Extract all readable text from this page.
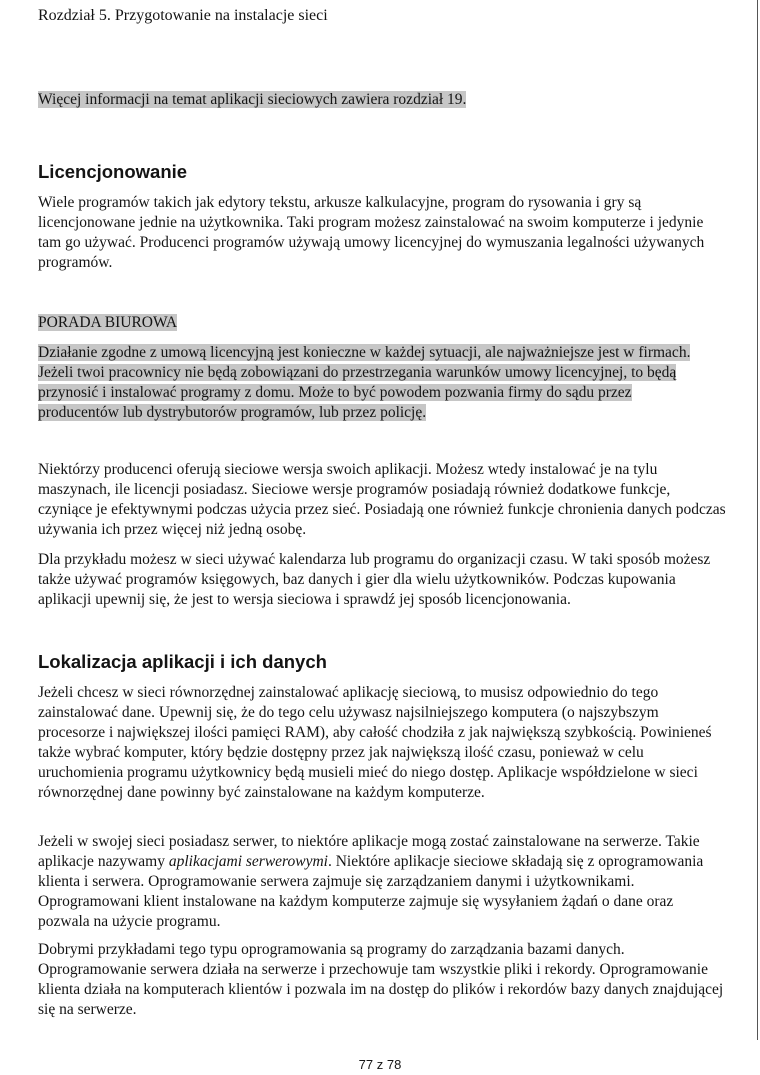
Rozdział 5. Przygotowanie na instalacje sieci

Więcej informacji na temat aplikacji sieciowych zawiera rozdział 19.

Licencjonowanie

Wiele programów takich jak edytory tekstu, arkusze kalkulacyjne, program do rysowania i gry są licencjonowane jednie na użytkownika. Taki program możesz zainstalować na swoim komputerze i jedynie tam go używać. Producenci programów używają umowy licencyjnej do wymuszania legalności używanych programów.

PORADA BIUROWA

Działanie zgodne z umową licencyjną jest konieczne w każdej sytuacji, ale najważniejsze jest w firmach. Jeżeli twoi pracownicy nie będą zobowiązani do przestrzegania warunków umowy licencyjnej, to będą przynosić i instalować programy z domu. Może to być powodem pozwania firmy do sądu przez producentów lub dystrybutorów programów, lub przez policję.

Niektórzy producenci oferują sieciowe wersja swoich aplikacji. Możesz wtedy instalować je na tylu maszynach, ile licencji posiadasz. Sieciowe wersje programów posiadają również dodatkowe funkcje, czyniące je efektywnymi podczas użycia przez sieć. Posiadają one również funkcje chronienia danych podczas używania ich przez więcej niż jedną osobę.

Dla przykładu możesz w sieci używać kalendarza lub programu do organizacji czasu. W taki sposób możesz także używać programów księgowych, baz danych i gier dla wielu użytkowników. Podczas kupowania aplikacji upewnij się, że jest to wersja sieciowa i sprawdź jej sposób licencjonowania.

Lokalizacja aplikacji i ich danych

Jeżeli chcesz w sieci równorzędnej zainstalować aplikację sieciową, to musisz odpowiednio do tego zainstalować dane. Upewnij się, że do tego celu używasz najsilniejszego komputera (o najszybszym procesorze i największej ilości pamięci RAM), aby całość chodziła z jak największą szybkością. Powinieneś także wybrać komputer, który będzie dostępny przez jak największą ilość czasu, ponieważ w celu uruchomienia programu użytkownicy będą musieli mieć do niego dostęp. Aplikacje współdzielone w sieci równorzędnej dane powinny być zainstalowane na każdym komputerze.

Jeżeli w swojej sieci posiadasz serwer, to niektóre aplikacje mogą zostać zainstalowane na serwerze. Takie aplikacje nazywamy aplikacjami serwerowymi. Niektóre aplikacje sieciowe składają się z oprogramowania klienta i serwera. Oprogramowanie serwera zajmuje się zarządzaniem danymi i użytkownikami. Oprogramowani klient instalowane na każdym komputerze zajmuje się wysyłaniem żądań o dane oraz pozwala na użycie programu.

Dobrymi przykładami tego typu oprogramowania są programy do zarządzania bazami danych. Oprogramowanie serwera działa na serwerze i przechowuje tam wszystkie pliki i rekordy. Oprogramowanie klienta działa na komputerach klientów i pozwala im na dostęp do plików i rekordów bazy danych znajdującej się na serwerze.

77 z 78
